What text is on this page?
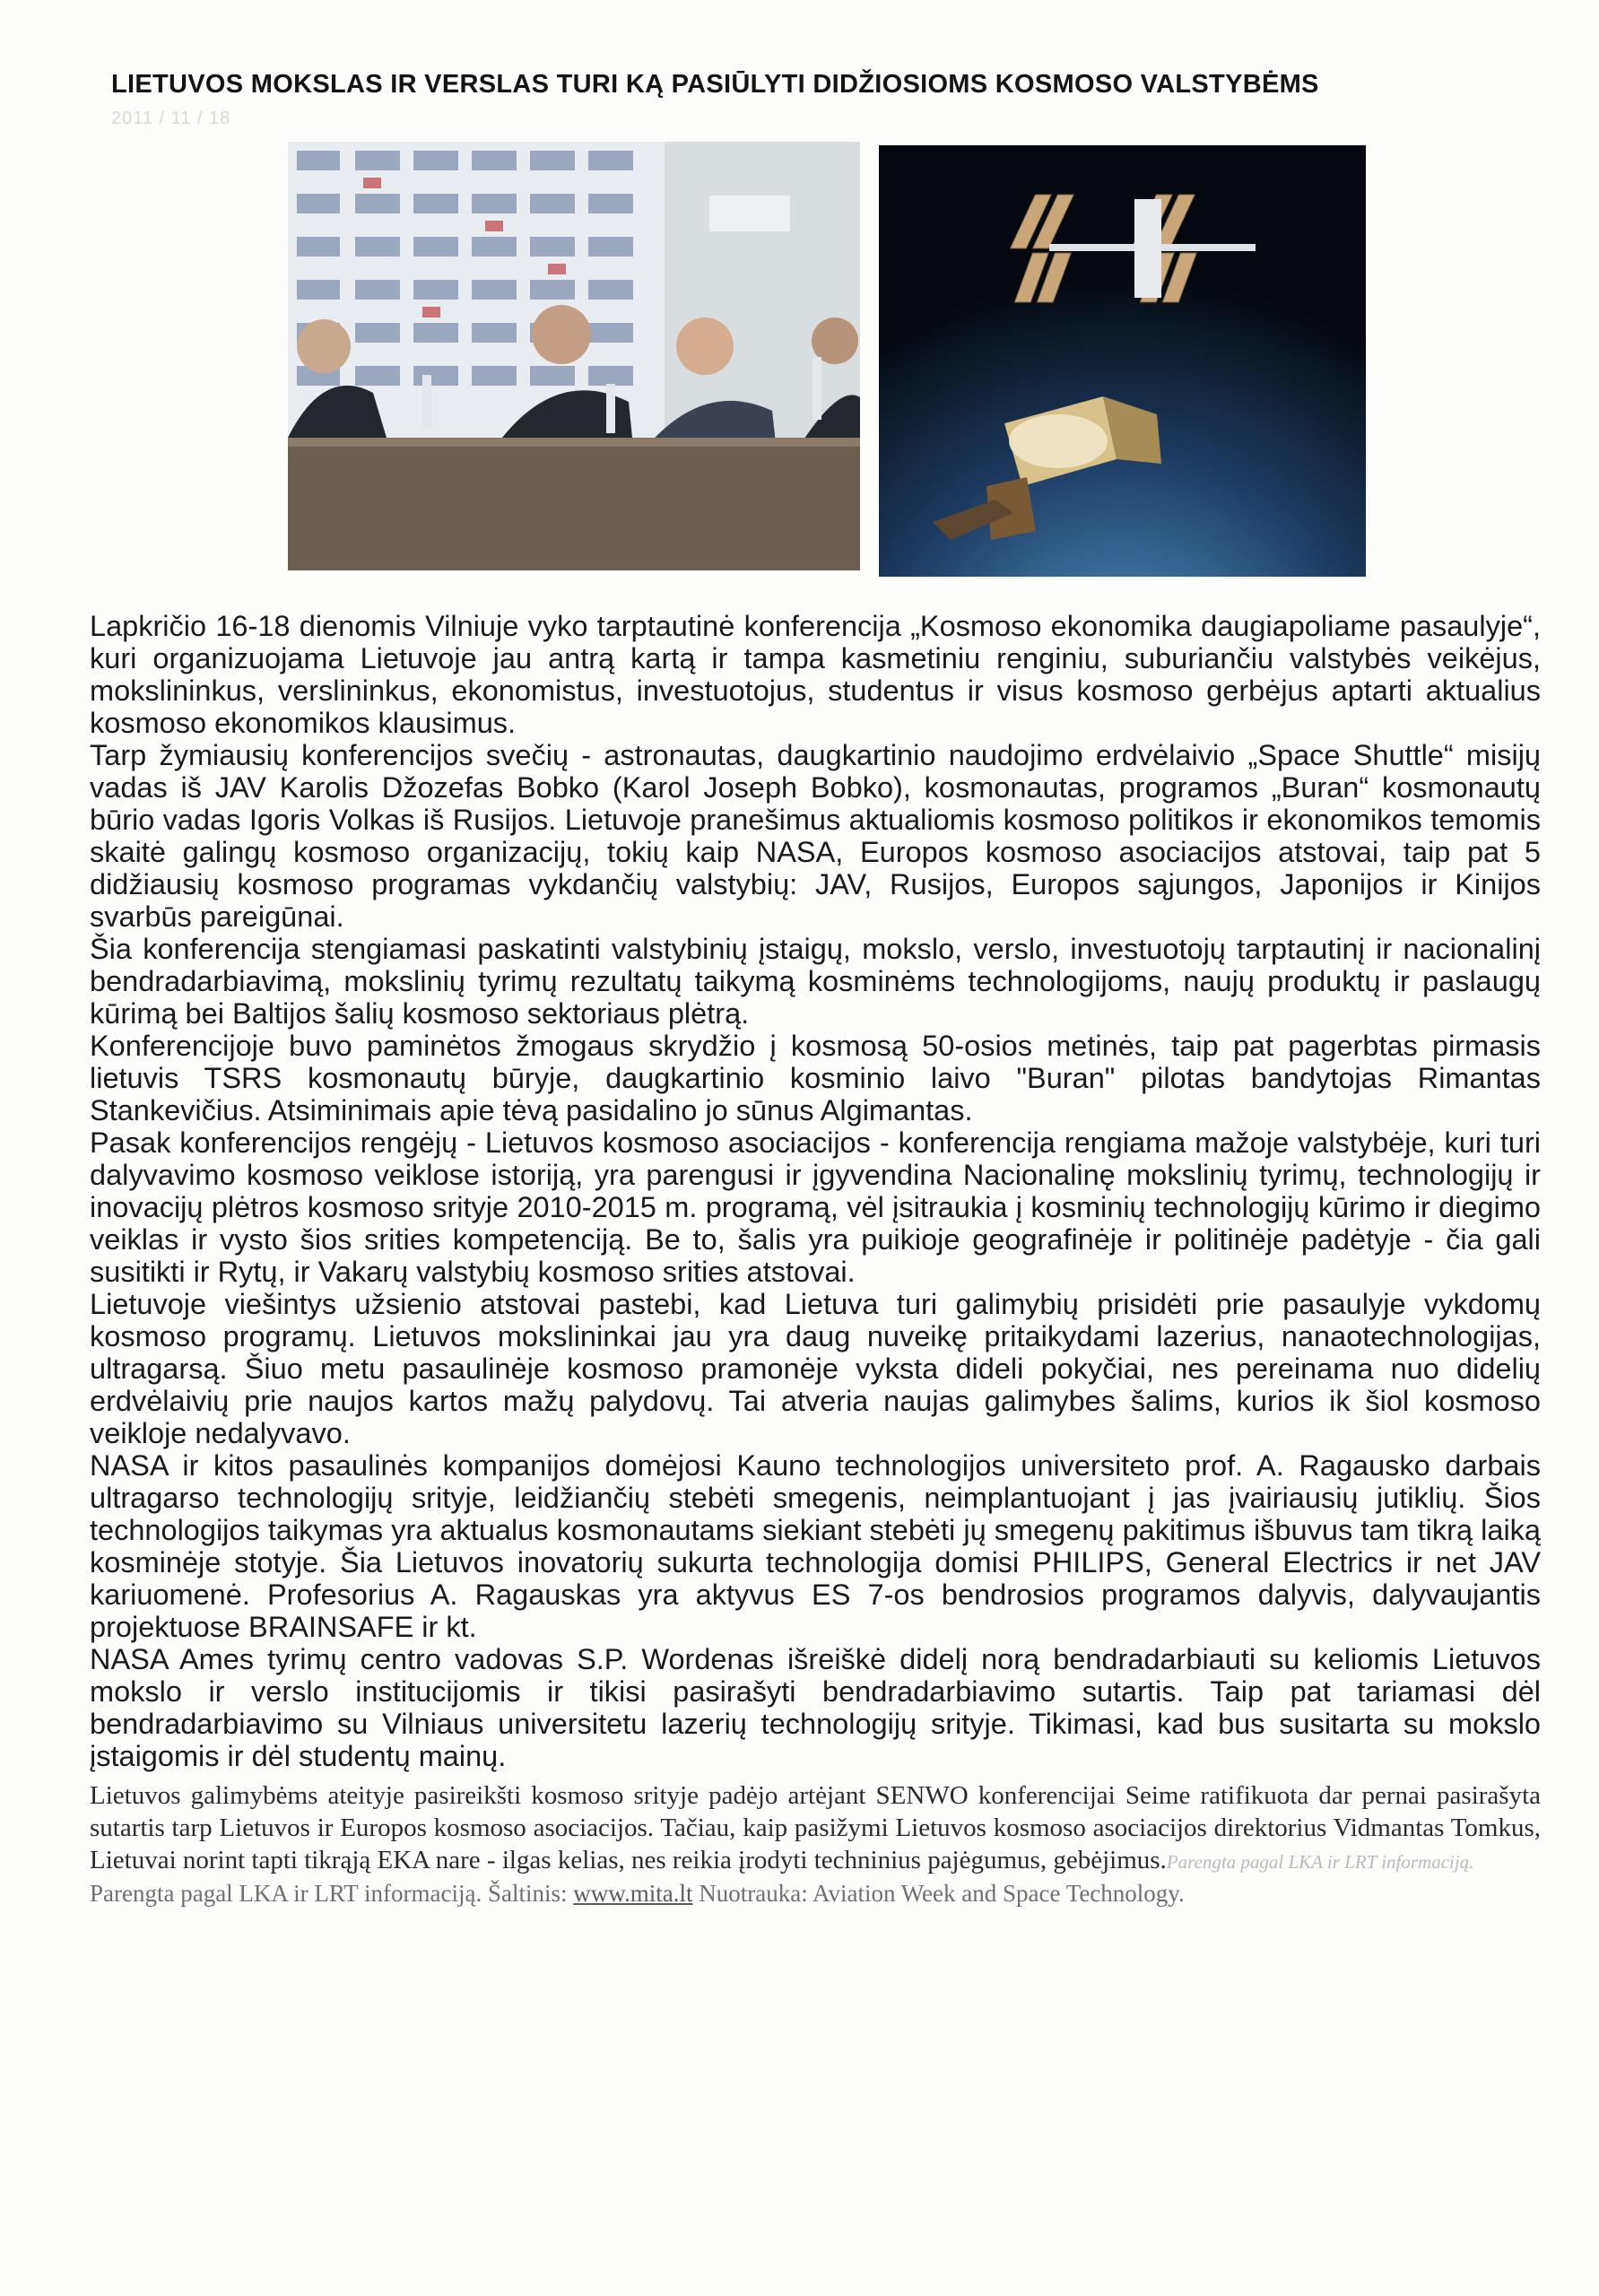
LIETUVOS MOKSLAS IR VERSLAS TURI KĄ PASIŪLYTI DIDŽIOSIOMS KOSMOSO VALSTYBĖMS
2011 / 11 / 18

Lapkričio 16-18 dienomis Vilniuje vyko tarptautinė konferencija „Kosmoso ekonomika daugiapoliame pasaulyje“, kuri organizuojama Lietuvoje jau antrą kartą ir tampa kasmetiniu renginiu, suburiančiu valstybės veikėjus, mokslininkus, verslininkus, ekonomistus, investuotojus, studentus ir visus kosmoso gerbėjus aptarti aktualius kosmoso ekonomikos klausimus.

Tarp žymiausių konferencijos svečių - astronautas, daugkartinio naudojimo erdvėlaivio „Space Shuttle“ misijų vadas iš JAV Karolis Džozefas Bobko (Karol Joseph Bobko), kosmonautas, programos „Buran“ kosmonautų būrio vadas Igoris Volkas iš Rusijos. Lietuvoje pranešimus aktualiomis kosmoso politikos ir ekonomikos temomis skaitė galingų kosmoso organizacijų, tokių kaip NASA, Europos kosmoso asociacijos atstovai, taip pat 5 didžiausių kosmoso programas vykdančių valstybių: JAV, Rusijos, Europos sąjungos, Japonijos ir Kinijos svarbūs pareigūnai.

Šia konferencija stengiamasi paskatinti valstybinių įstaigų, mokslo, verslo, investuotojų tarptautinį ir nacionalinį bendradarbiavimą, mokslinių tyrimų rezultatų taikymą kosminėms technologijoms, naujų produktų ir paslaugų kūrimą bei Baltijos šalių kosmoso sektoriaus plėtrą.

Konferencijoje buvo paminėtos žmogaus skrydžio į kosmosą 50-osios metinės, taip pat pagerbtas pirmasis lietuvis TSRS kosmonautų būryje, daugkartinio kosminio laivo "Buran" pilotas bandytojas Rimantas Stankevičius. Atsiminimais apie tėvą pasidalino jo sūnus Algimantas.

Pasak konferencijos rengėjų - Lietuvos kosmoso asociacijos - konferencija rengiama mažoje valstybėje, kuri turi dalyvavimo kosmoso veiklose istoriją, yra parengusi ir įgyvendina Nacionalinę mokslinių tyrimų, technologijų ir inovacijų plėtros kosmoso srityje 2010-2015 m. programą, vėl įsitraukia į kosminių technologijų kūrimo ir diegimo veiklas ir vysto šios srities kompetenciją. Be to, šalis yra puikioje geografinėje ir politinėje padėtyje - čia gali susitikti ir Rytų, ir Vakarų valstybių kosmoso srities atstovai.

Lietuvoje viešintys užsienio atstovai pastebi, kad Lietuva turi galimybių prisidėti prie pasaulyje vykdomų kosmoso programų. Lietuvos mokslininkai jau yra daug nuveikę pritaikydami lazerius, nanaotechnologijas, ultragarsą. Šiuo metu pasaulinėje kosmoso pramonėje vyksta dideli pokyčiai, nes pereinama nuo didelių erdvėlaivių prie naujos kartos mažų palydovų. Tai atveria naujas galimybes šalims, kurios ik šiol kosmoso veikloje nedalyvavo.

NASA ir kitos pasaulinės kompanijos domėjosi Kauno technologijos universiteto prof. A. Ragausko darbais ultragarso technologijų srityje, leidžiančių stebėti smegenis, neimplantuojant į jas įvairiausių jutiklių. Šios technologijos taikymas yra aktualus kosmonautams siekiant stebėti jų smegenų pakitimus išbuvus tam tikrą laiką kosminėje stotyje. Šia Lietuvos inovatorių sukurta technologija domisi PHILIPS, General Electrics ir net JAV kariuomenė. Profesorius A. Ragauskas yra aktyvus ES 7-os bendrosios programos dalyvis, dalyvaujantis projektuose BRAINSAFE ir kt.

NASA Ames tyrimų centro vadovas S.P. Wordenas išreiškė didelį norą bendradarbiauti su keliomis Lietuvos mokslo ir verslo institucijomis ir tikisi pasirašyti bendradarbiavimo sutartis. Taip pat tariamasi dėl bendradarbiavimo su Vilniaus universitetu lazerių technologijų srityje. Tikimasi, kad bus susitarta su mokslo įstaigomis ir dėl studentų mainų.

Lietuvos galimybėms ateityje pasireikšti kosmoso srityje padėjo artėjant SENWO konferencijai Seime ratifikuota dar pernai pasirašyta sutartis tarp Lietuvos ir Europos kosmoso asociacijos. Tačiau, kaip pasižymi Lietuvos kosmoso asociacijos direktorius Vidmantas Tomkus, Lietuvai norint tapti tikrąją EKA nare - ilgas kelias, nes reikia įrodyti techninius pajėgumus, gebėjimus.Parengta pagal LKA ir LRT informaciją.

Parengta pagal LKA ir LRT informaciją. Šaltinis: www.mita.lt Nuotrauka: Aviation Week and Space Technology.
